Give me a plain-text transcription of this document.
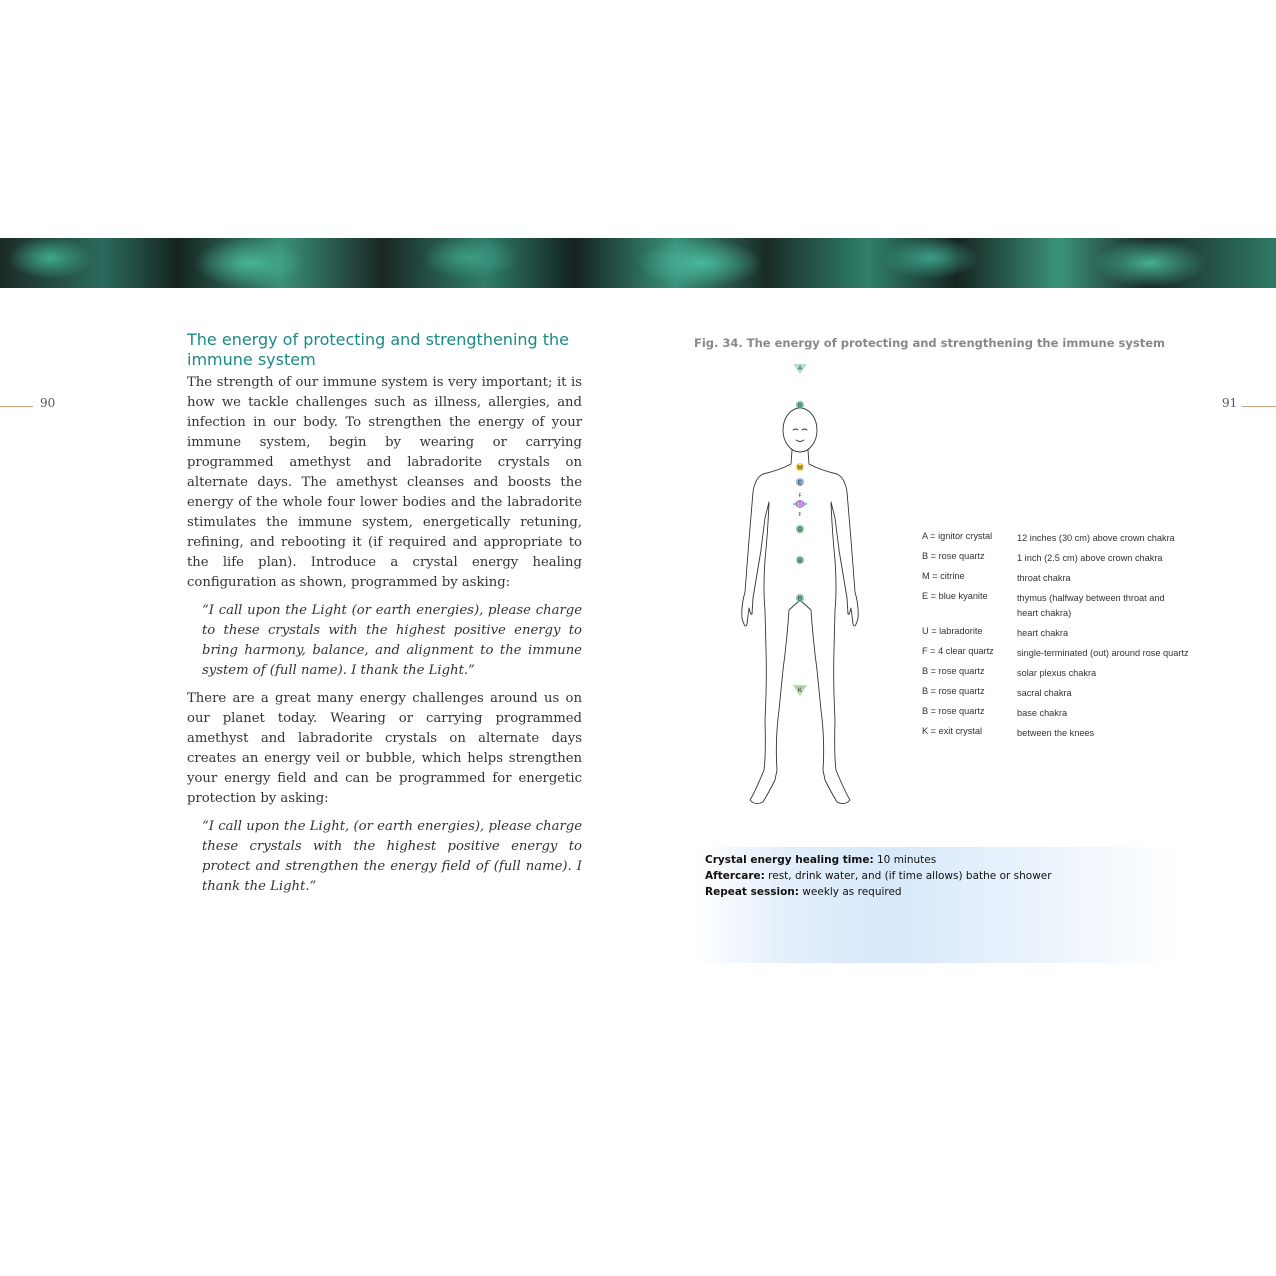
90
The energy of protecting and strengthening the immune system

The strength of our immune system is very important; it is how we tackle challenges such as illness, allergies, and infection in our body. To strengthen the energy of your immune system, begin by wearing or carrying programmed amethyst and labradorite crystals on alternate days. The amethyst cleanses and boosts the energy of the whole four lower bodies and the labradorite stimulates the immune system, energetically retuning, refining, and rebooting it (if required and appropriate to the life plan). Introduce a crystal energy healing configuration as shown, programmed by asking:

“I call upon the Light (or earth energies), please charge to these crystals with the highest positive energy to bring harmony, balance, and alignment to the immune system of (full name). I thank the Light.”

There are a great many energy challenges around us on our planet today. Wearing or carrying programmed amethyst and labradorite crystals on alternate days creates an energy veil or bubble, which helps strengthen your energy field and can be programmed for energetic protection by asking:

“I call upon the Light, (or earth energies), please charge these crystals with the highest positive energy to protect and strengthen the energy field of (full name). I thank the Light.”

91
Fig. 34. The energy of protecting and strengthening the immune system
A
B
M
E
F
U
F
B
B
B
K
A = ignitor crystal	12 inches (30 cm) above crown chakra
B = rose quartz	1 inch (2.5 cm) above crown chakra
M = citrine	throat chakra
E = blue kyanite	thymus (halfway between throat and heart chakra)
U = labradorite	heart chakra
F = 4 clear quartz	single-terminated (out) around rose quartz
B = rose quartz	solar plexus chakra
B = rose quartz	sacral chakra
B = rose quartz	base chakra
K = exit crystal	between the knees
Crystal energy healing time: 10 minutes
Aftercare: rest, drink water, and (if time allows) bathe or shower
Repeat session: weekly as required
